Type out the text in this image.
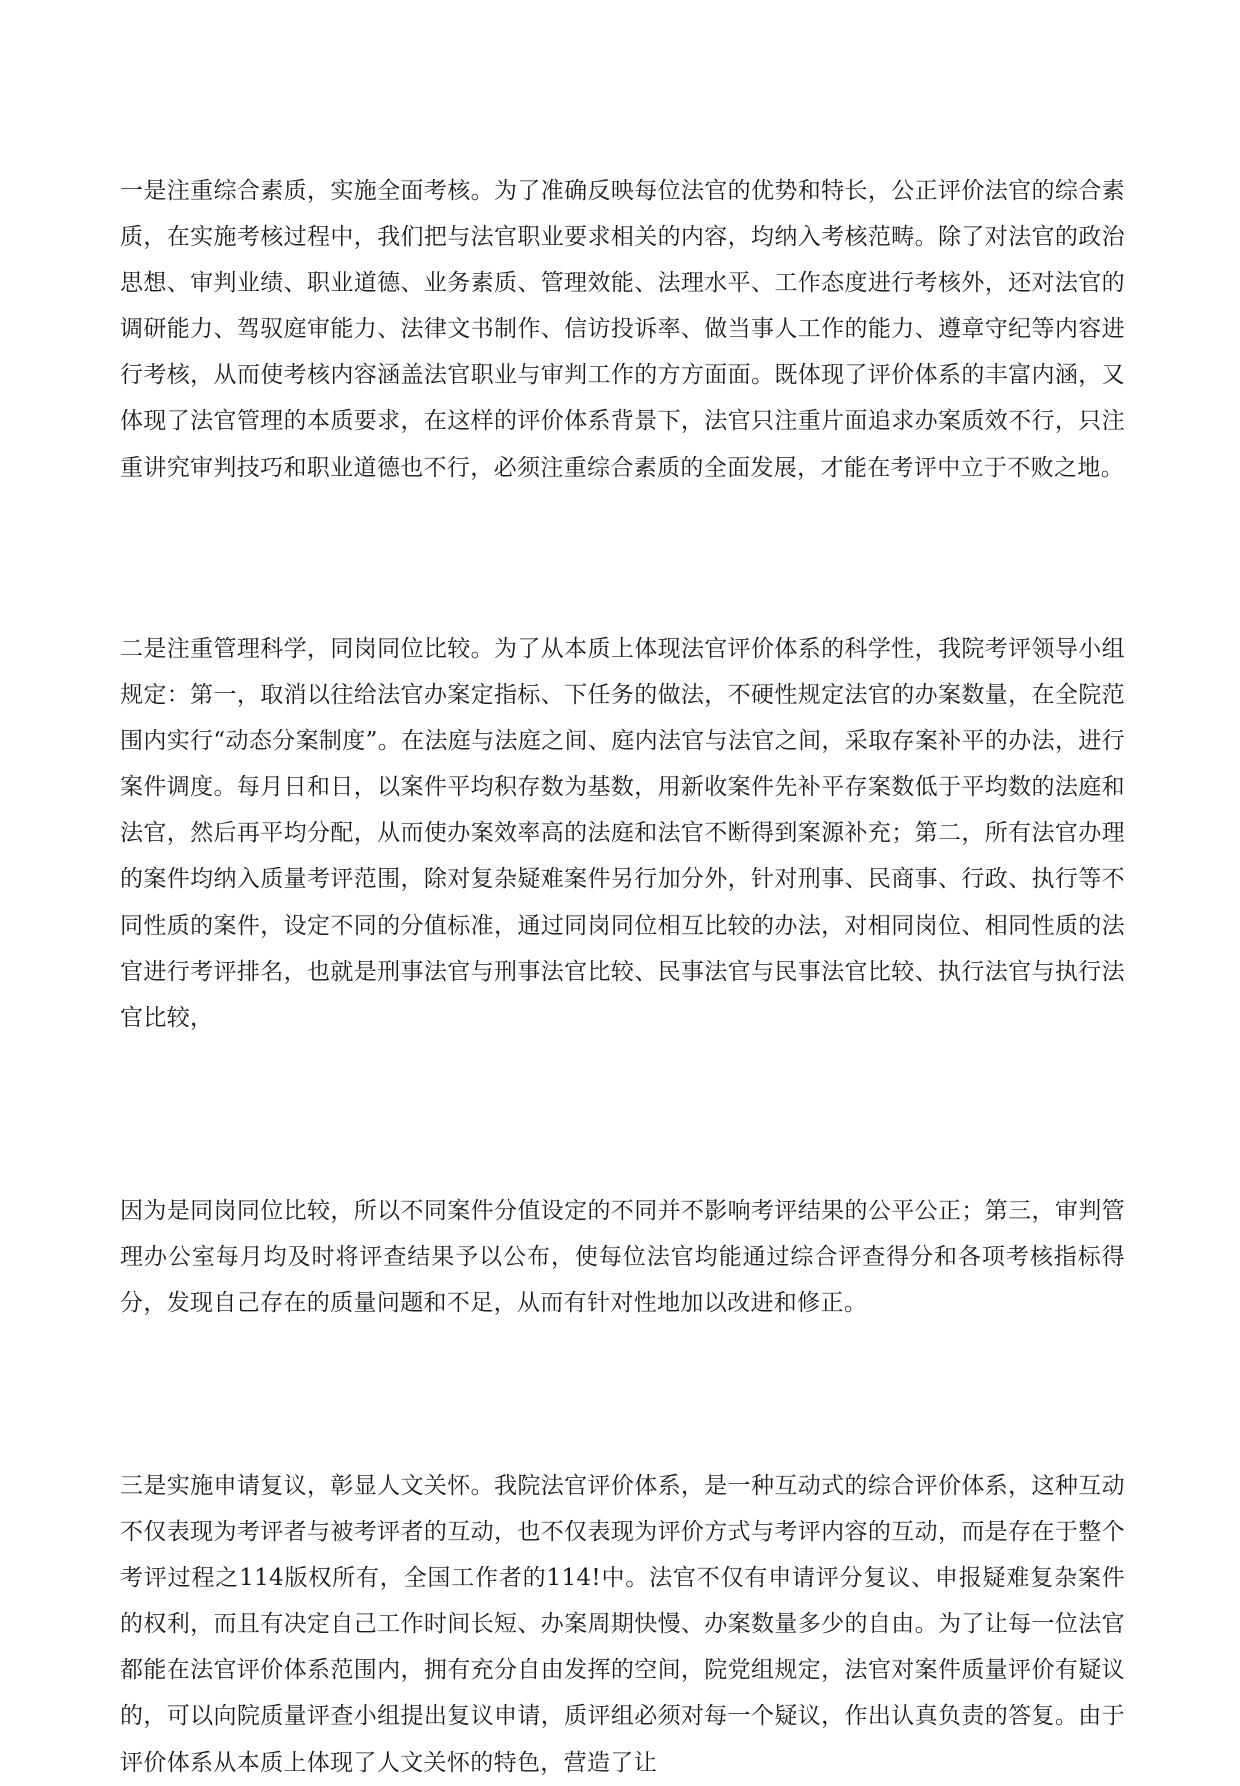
一是注重综合素质，实施全面考核。为了准确反映每位法官的优势和特长，公正评价法官的综合素质，在实施考核过程中，我们把与法官职业要求相关的内容，均纳入考核范畴。除了对法官的政治思想、审判业绩、职业道德、业务素质、管理效能、法理水平、工作态度进行考核外，还对法官的调研能力、驾驭庭审能力、法律文书制作、信访投诉率、做当事人工作的能力、遵章守纪等内容进行考核，从而使考核内容涵盖法官职业与审判工作的方方面面。既体现了评价体系的丰富内涵，又体现了法官管理的本质要求，在这样的评价体系背景下，法官只注重片面追求办案质效不行，只注重讲究审判技巧和职业道德也不行，必须注重综合素质的全面发展，才能在考评中立于不败之地。

二是注重管理科学，同岗同位比较。为了从本质上体现法官评价体系的科学性，我院考评领导小组规定：第一，取消以往给法官办案定指标、下任务的做法，不硬性规定法官的办案数量，在全院范围内实行“动态分案制度”。在法庭与法庭之间、庭内法官与法官之间，采取存案补平的办法，进行案件调度。每月日和日，以案件平均积存数为基数，用新收案件先补平存案数低于平均数的法庭和法官，然后再平均分配，从而使办案效率高的法庭和法官不断得到案源补充；第二，所有法官办理的案件均纳入质量考评范围，除对复杂疑难案件另行加分外，针对刑事、民商事、行政、执行等不同性质的案件，设定不同的分值标准，通过同岗同位相互比较的办法，对相同岗位、相同性质的法官进行考评排名，也就是刑事法官与刑事法官比较、民事法官与民事法官比较、执行法官与执行法官比较，

因为是同岗同位比较，所以不同案件分值设定的不同并不影响考评结果的公平公正；第三，审判管理办公室每月均及时将评查结果予以公布，使每位法官均能通过综合评查得分和各项考核指标得分，发现自己存在的质量问题和不足，从而有针对性地加以改进和修正。

三是实施申请复议，彰显人文关怀。我院法官评价体系，是一种互动式的综合评价体系，这种互动不仅表现为考评者与被考评者的互动，也不仅表现为评价方式与考评内容的互动，而是存在于整个考评过程之114版权所有，全国工作者的114!中。法官不仅有申请评分复议、申报疑难复杂案件的权利，而且有决定自己工作时间长短、办案周期快慢、办案数量多少的自由。为了让每一位法官都能在法官评价体系范围内，拥有充分自由发挥的空间，院党组规定，法官对案件质量评价有疑议的，可以向院质量评查小组提出复议申请，质评组必须对每一个疑议，作出认真负责的答复。由于评价体系从本质上体现了人文关怀的特色，营造了让
